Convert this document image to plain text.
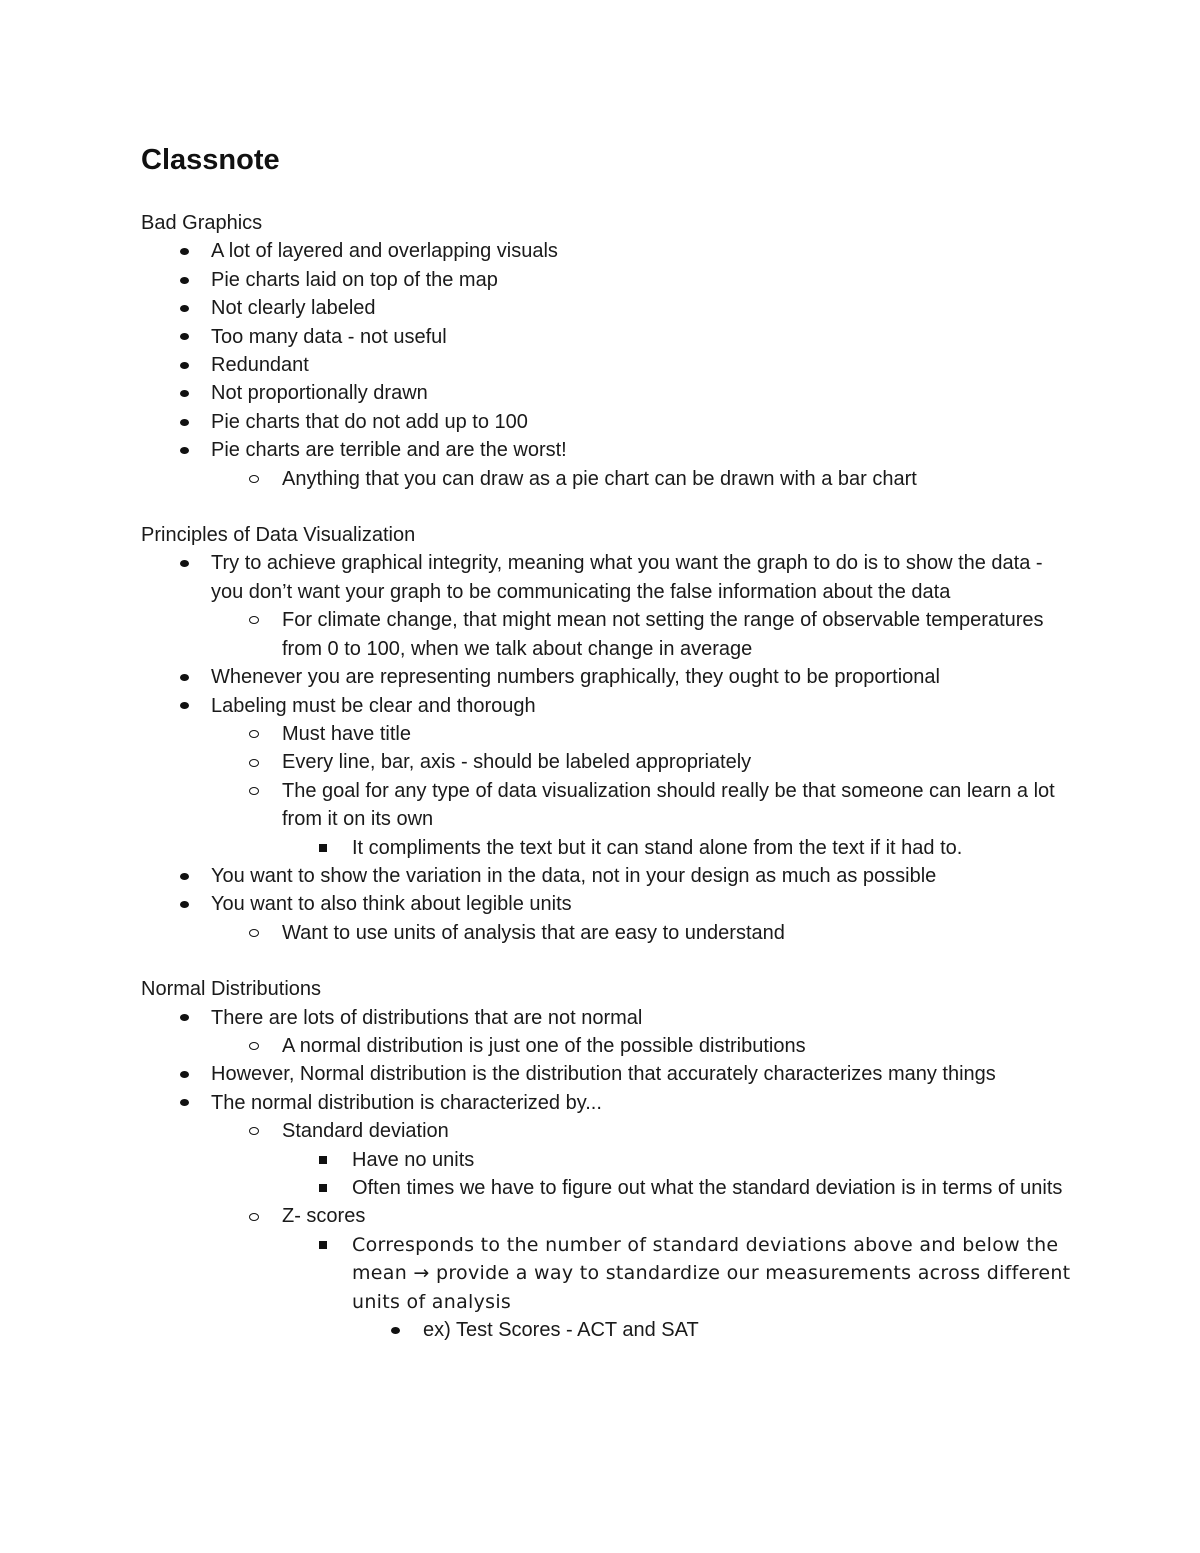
Classnote

Bad Graphics

A lot of layered and overlapping visuals
Pie charts laid on top of the map
Not clearly labeled
Too many data - not useful
Redundant
Not proportionally drawn
Pie charts that do not add up to 100
Pie charts are terrible and are the worst!
Anything that you can draw as a pie chart can be drawn with a bar chart

Principles of Data Visualization

Try to achieve graphical integrity, meaning what you want the graph to do is to show the data - you don’t want your graph to be communicating the false information about the data
For climate change, that might mean not setting the range of observable temperatures from 0 to 100, when we talk about change in average
Whenever you are representing numbers graphically, they ought to be proportional
Labeling must be clear and thorough
Must have title
Every line, bar, axis - should be labeled appropriately
The goal for any type of data visualization should really be that someone can learn a lot from it on its own
It compliments the text but it can stand alone from the text if it had to.
You want to show the variation in the data, not in your design as much as possible
You want to also think about legible units
Want to use units of analysis that are easy to understand

Normal Distributions

There are lots of distributions that are not normal
A normal distribution is just one of the possible distributions
However, Normal distribution is the distribution that accurately characterizes many things
The normal distribution is characterized by...
Standard deviation
Have no units
Often times we have to figure out what the standard deviation is in terms of units
Z- scores
Corresponds to the number of standard deviations above and below the mean → provide a way to standardize our measurements across different units of analysis
ex) Test Scores - ACT and SAT
